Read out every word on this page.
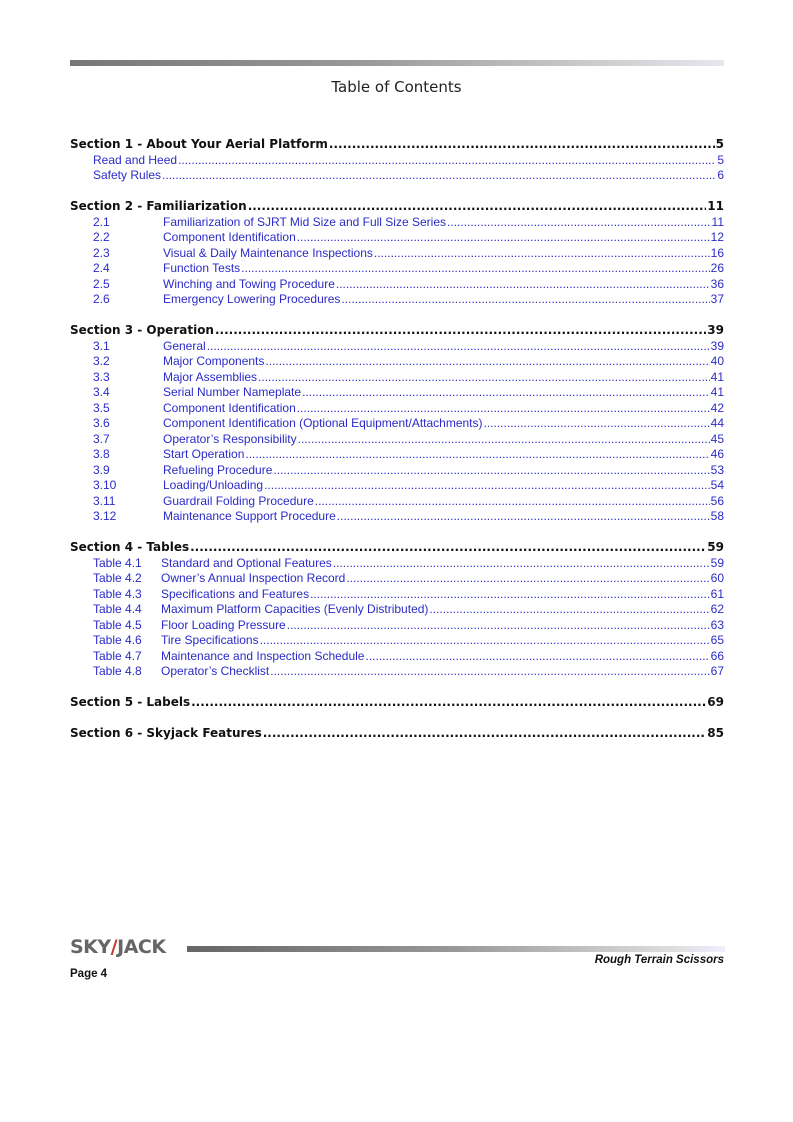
Table of Contents
Section 1 - About Your Aerial Platform .....	5
Read and Heed .....	5
Safety Rules .....	6
Section 2 - Familiarization .....	11
2.1	Familiarization of SJRT Mid Size and Full Size Series .....	11
2.2	Component Identification .....	12
2.3	Visual & Daily Maintenance Inspections .....	16
2.4	Function Tests .....	26
2.5	Winching and Towing Procedure .....	36
2.6	Emergency Lowering Procedures .....	37
Section 3 - Operation .....	39
3.1	General .....	39
3.2	Major Components .....	40
3.3	Major Assemblies .....	41
3.4	Serial Number Nameplate .....	41
3.5	Component Identification .....	42
3.6	Component Identification (Optional Equipment/Attachments) .....	44
3.7	Operator’s Responsibility .....	45
3.8	Start Operation .....	46
3.9	Refueling Procedure .....	53
3.10	Loading/Unloading .....	54
3.11	Guardrail Folding Procedure .....	56
3.12	Maintenance Support Procedure .....	58
Section 4 - Tables .....	59
Table 4.1	Standard and Optional Features .....	59
Table 4.2	Owner’s Annual Inspection Record .....	60
Table 4.3	Specifications and Features .....	61
Table 4.4	Maximum Platform Capacities (Evenly Distributed) .....	62
Table 4.5	Floor Loading Pressure .....	63
Table 4.6	Tire Specifications .....	65
Table 4.7	Maintenance and Inspection Schedule .....	66
Table 4.8	Operator’s Checklist .....	67
Section 5 - Labels .....	69
Section 6 - Skyjack Features .....	85
SKY/JACK
Rough Terrain Scissors
Page 4
